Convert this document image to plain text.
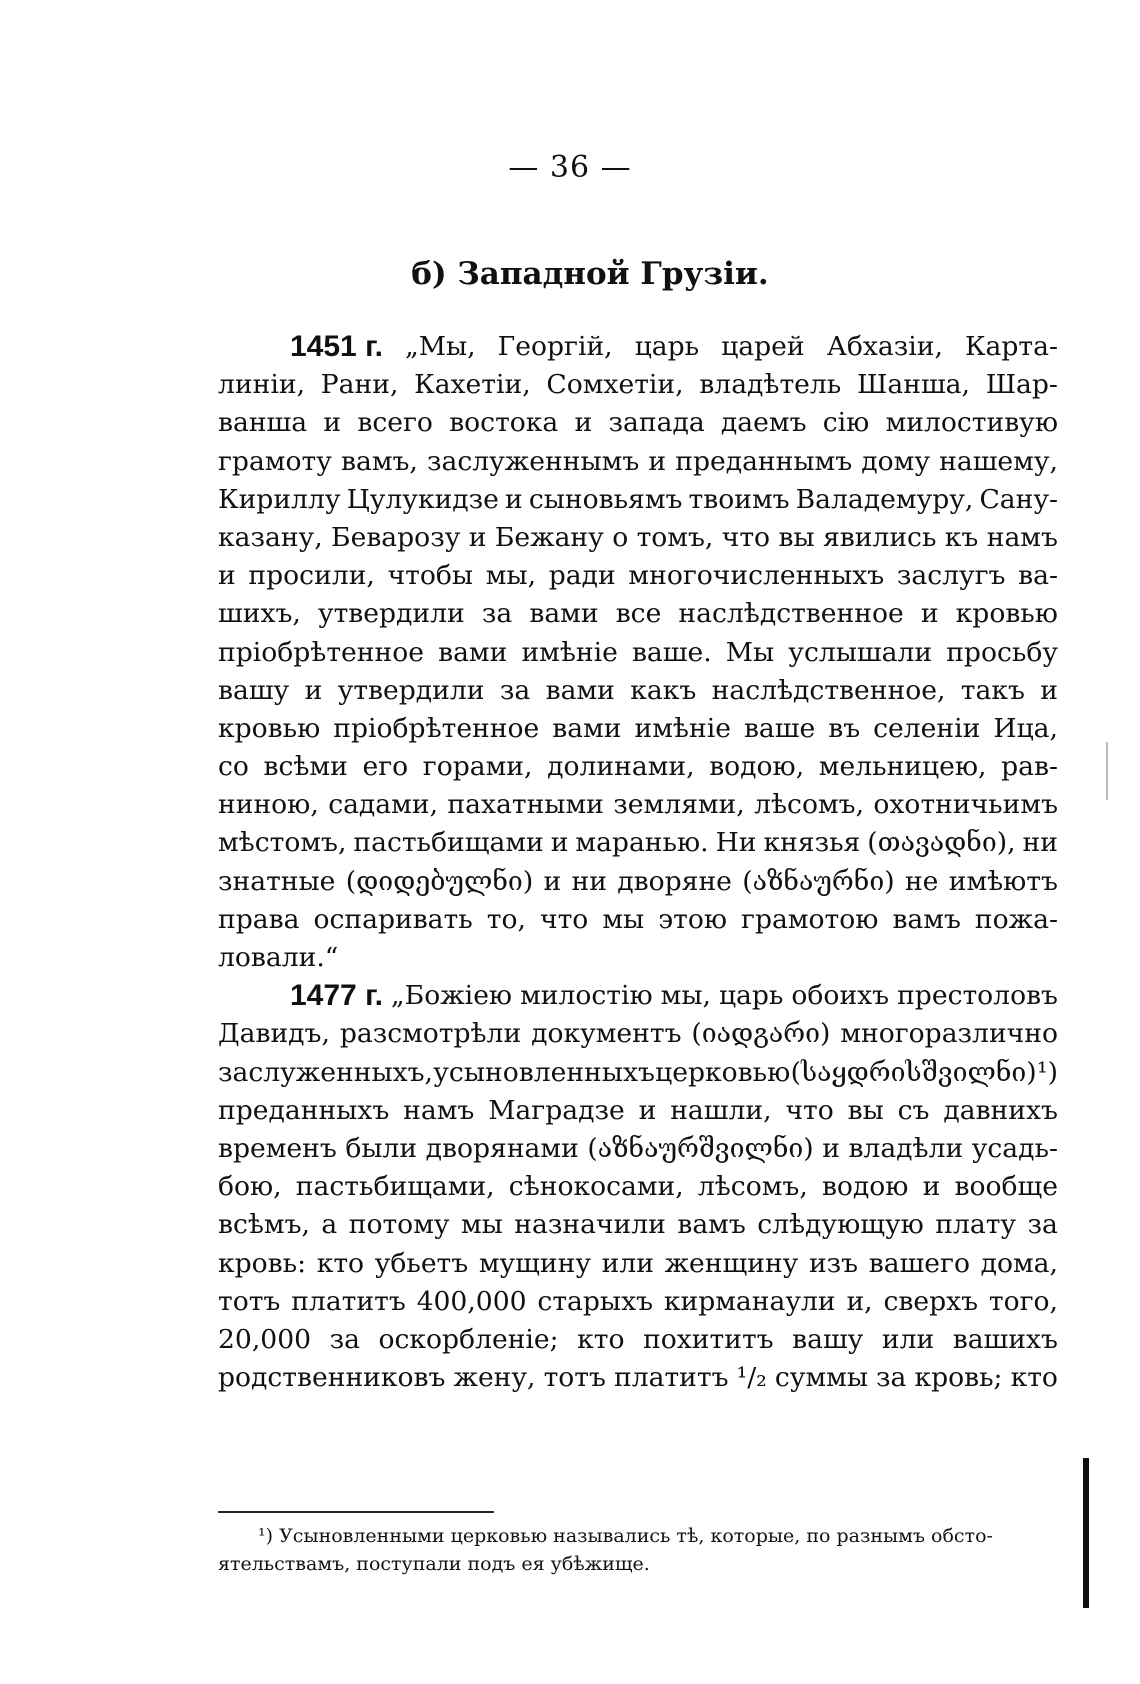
— 36 —
б) Западной Грузіи.
1451 г. „Мы, Георгій, царь царей Абхазіи, Карта-
линіи, Рани, Кахетіи, Сомхетіи, владѣтель Шанша, Шар-
ванша и всего востока и запада даемъ сію милостивую
грамоту вамъ, заслуженнымъ и преданнымъ дому нашему,
Кириллу Цулукидзе и сыновьямъ твоимъ Валадемуру, Сану-
казану, Беварозу и Бежану о томъ, что вы явились къ намъ
и просили, чтобы мы, ради многочисленныхъ заслугъ ва-
шихъ, утвердили за вами все наслѣдственное и кровью
пріобрѣтенное вами имѣніе ваше. Мы услышали просьбу
вашу и утвердили за вами какъ наслѣдственное, такъ и
кровью пріобрѣтенное вами имѣніе ваше въ селеніи Ица,
со всѣми его горами, долинами, водою, мельницею, рав-
ниною, садами, пахатными землями, лѣсомъ, охотничьимъ
мѣстомъ, пастьбищами и маранью. Ни князья (თავადნი), ни
знатные (დიდებულნი) и ни дворяне (აზნაურნი) не имѣютъ
права оспаривать то, что мы этою грамотою вамъ пожа-
ловали.“
1477 г. „Божіею милостію мы, царь обоихъ престоловъ
Давидъ, разсмотрѣли документъ (იადგარი) многоразлично
заслуженныхъ, усыновленныхъ церковью (საყდრის შვილნი) ¹)
преданныхъ намъ Маградзе и нашли, что вы съ давнихъ
временъ были дворянами (აზნაურშვილნი) и владѣли усадь-
бою, пастьбищами, сѣнокосами, лѣсомъ, водою и вообще
всѣмъ, а потому мы назначили вамъ слѣдующую плату за
кровь: кто убьетъ мущину или женщину изъ вашего дома,
тотъ платитъ 400,000 старыхъ кирманаули и, сверхъ того,
20,000 за оскорбленіе; кто похититъ вашу или вашихъ
родственниковъ жену, тотъ платитъ ¹/₂ суммы за кровь; кто
¹) Усыновленными церковью назывались тѣ, которые, по разнымъ обсто-
ятельствамъ, поступали подъ ея убѣжище.
